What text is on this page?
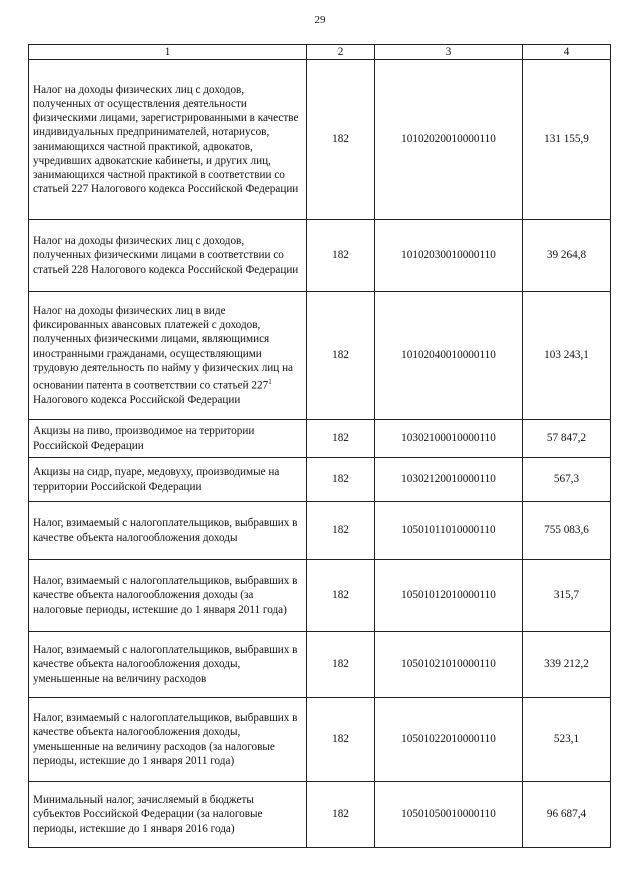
29
1	2	3	4
Налог на доходы физических лиц с доходов, полученных от осуществления деятельности физическими лицами, зарегистрированными в качестве индивидуальных предпринимателей, нотариусов, занимающихся частной практикой, адвокатов, учредивших адвокатские кабинеты, и других лиц, занимающихся частной практикой в соответствии со статьей 227 Налогового кодекса Российской Федерации	182	10102020010000110	131 155,9
Налог на доходы физических лиц с доходов, полученных физическими лицами в соответствии со статьей 228 Налогового кодекса Российской Федерации	182	10102030010000110	39 264,8
Налог на доходы физических лиц в виде фиксированных авансовых платежей с доходов, полученных физическими лицами, являющимися иностранными гражданами, осуществляющими трудовую деятельность по найму у физических лиц на основании патента в соответствии со статьей $227^1$ Налогового кодекса Российской Федерации	182	10102040010000110	103 243,1
Акцизы на пиво, производимое на территории Российской Федерации	182	10302100010000110	57 847,2
Акцизы на сидр, пуаре, медовуху, производимые на территории Российской Федерации	182	10302120010000110	567,3
Налог, взимаемый с налогоплательщиков, выбравших в качестве объекта налогообложения доходы	182	10501011010000110	755 083,6
Налог, взимаемый с налогоплательщиков, выбравших в качестве объекта налогообложения доходы (за налоговые периоды, истекшие до 1 января 2011 года)	182	10501012010000110	315,7
Налог, взимаемый с налогоплательщиков, выбравших в качестве объекта налогообложения доходы, уменьшенные на величину расходов	182	10501021010000110	339 212,2
Налог, взимаемый с налогоплательщиков, выбравших в качестве объекта налогообложения доходы, уменьшенные на величину расходов (за налоговые периоды, истекшие до 1 января 2011 года)	182	10501022010000110	523,1
Минимальный налог, зачисляемый в бюджеты субъектов Российской Федерации (за налоговые периоды, истекшие до 1 января 2016 года)	182	10501050010000110	96 687,4
